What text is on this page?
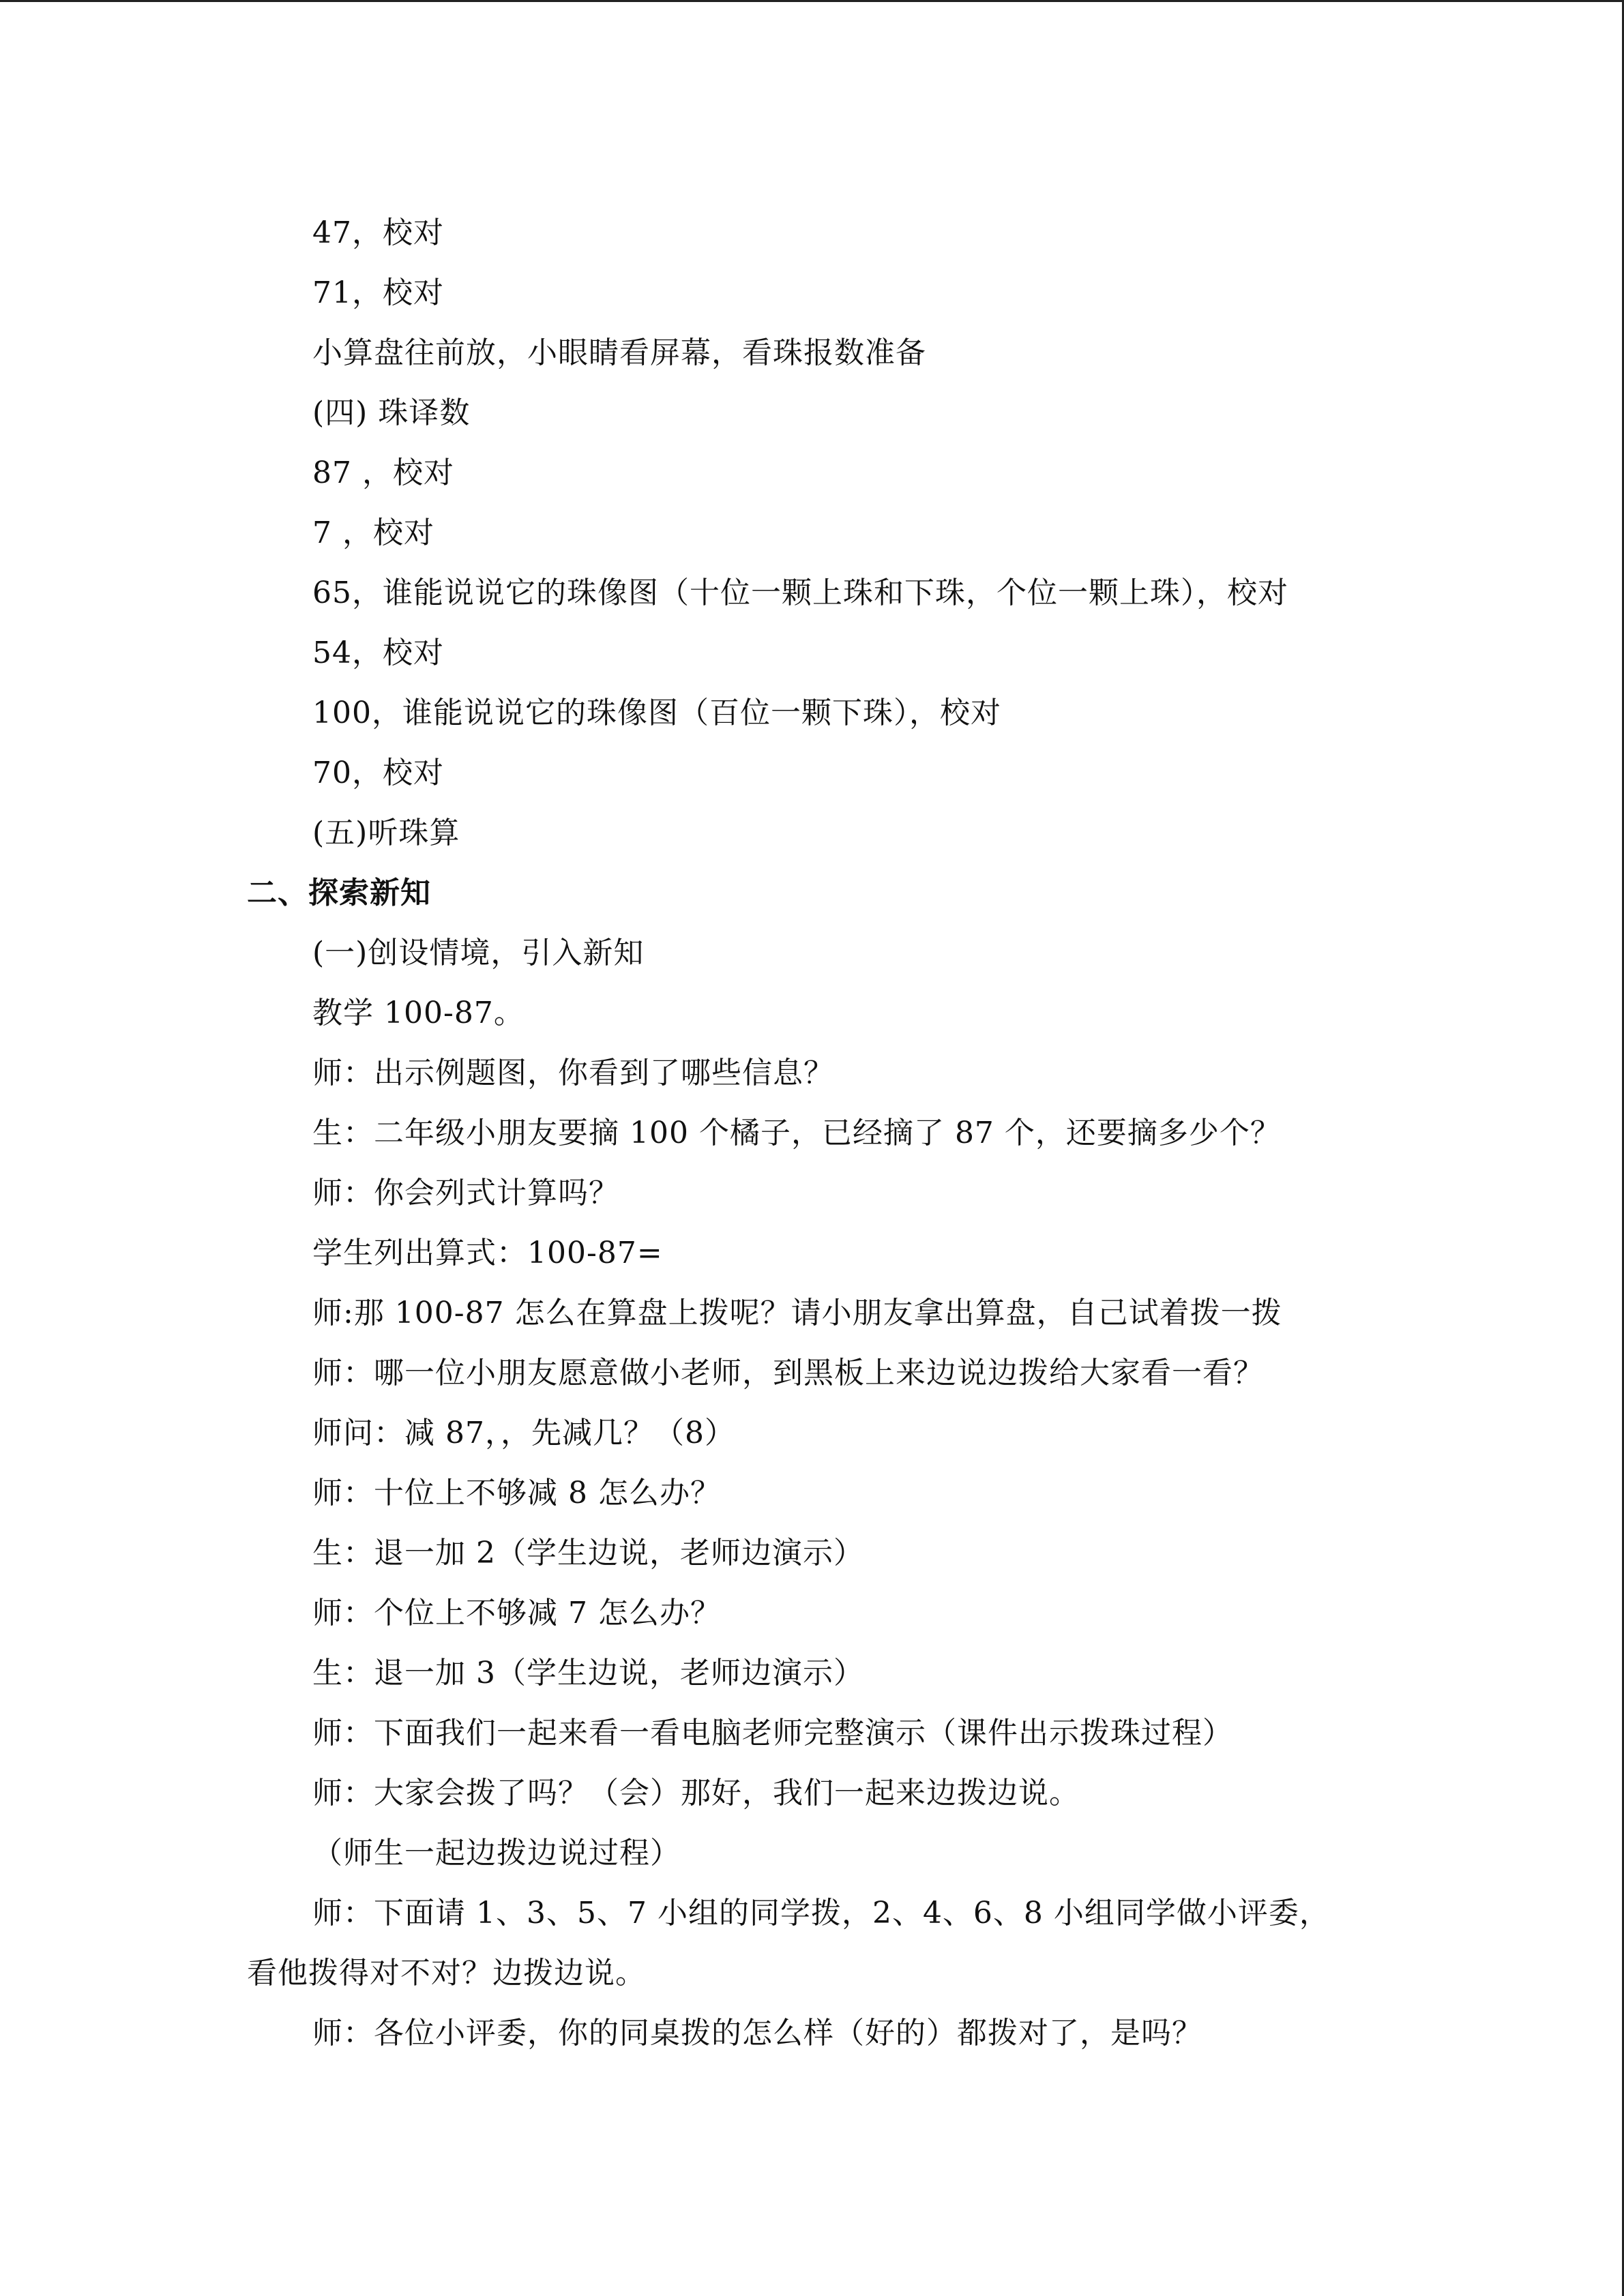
47，校对
71，校对
小算盘往前放，小眼睛看屏幕，看珠报数准备
(四) 珠译数
87 ，校对
7 ，校对
65，谁能说说它的珠像图（十位一颗上珠和下珠，个位一颗上珠），校对
54，校对
100，谁能说说它的珠像图（百位一颗下珠），校对
70，校对
(五)听珠算
二、探索新知
(一)创设情境，引入新知
教学 100-87。
师：出示例题图，你看到了哪些信息？
生：二年级小朋友要摘 100 个橘子，已经摘了 87 个，还要摘多少个？
师：你会列式计算吗？
学生列出算式：100-87=
师:那 100-87 怎么在算盘上拨呢？请小朋友拿出算盘，自己试着拨一拨
师：哪一位小朋友愿意做小老师，到黑板上来边说边拨给大家看一看？
师问：减 87，，先减几？（8）
师：十位上不够减 8 怎么办？
生：退一加 2（学生边说，老师边演示）
师：个位上不够减 7 怎么办？
生：退一加 3（学生边说，老师边演示）
师：下面我们一起来看一看电脑老师完整演示（课件出示拨珠过程）
师：大家会拨了吗？（会）那好，我们一起来边拨边说。
（师生一起边拨边说过程）
师：下面请 1、3、5、7 小组的同学拨，2、4、6、8 小组同学做小评委，
看他拨得对不对？边拨边说。
师：各位小评委，你的同桌拨的怎么样（好的）都拨对了，是吗？
